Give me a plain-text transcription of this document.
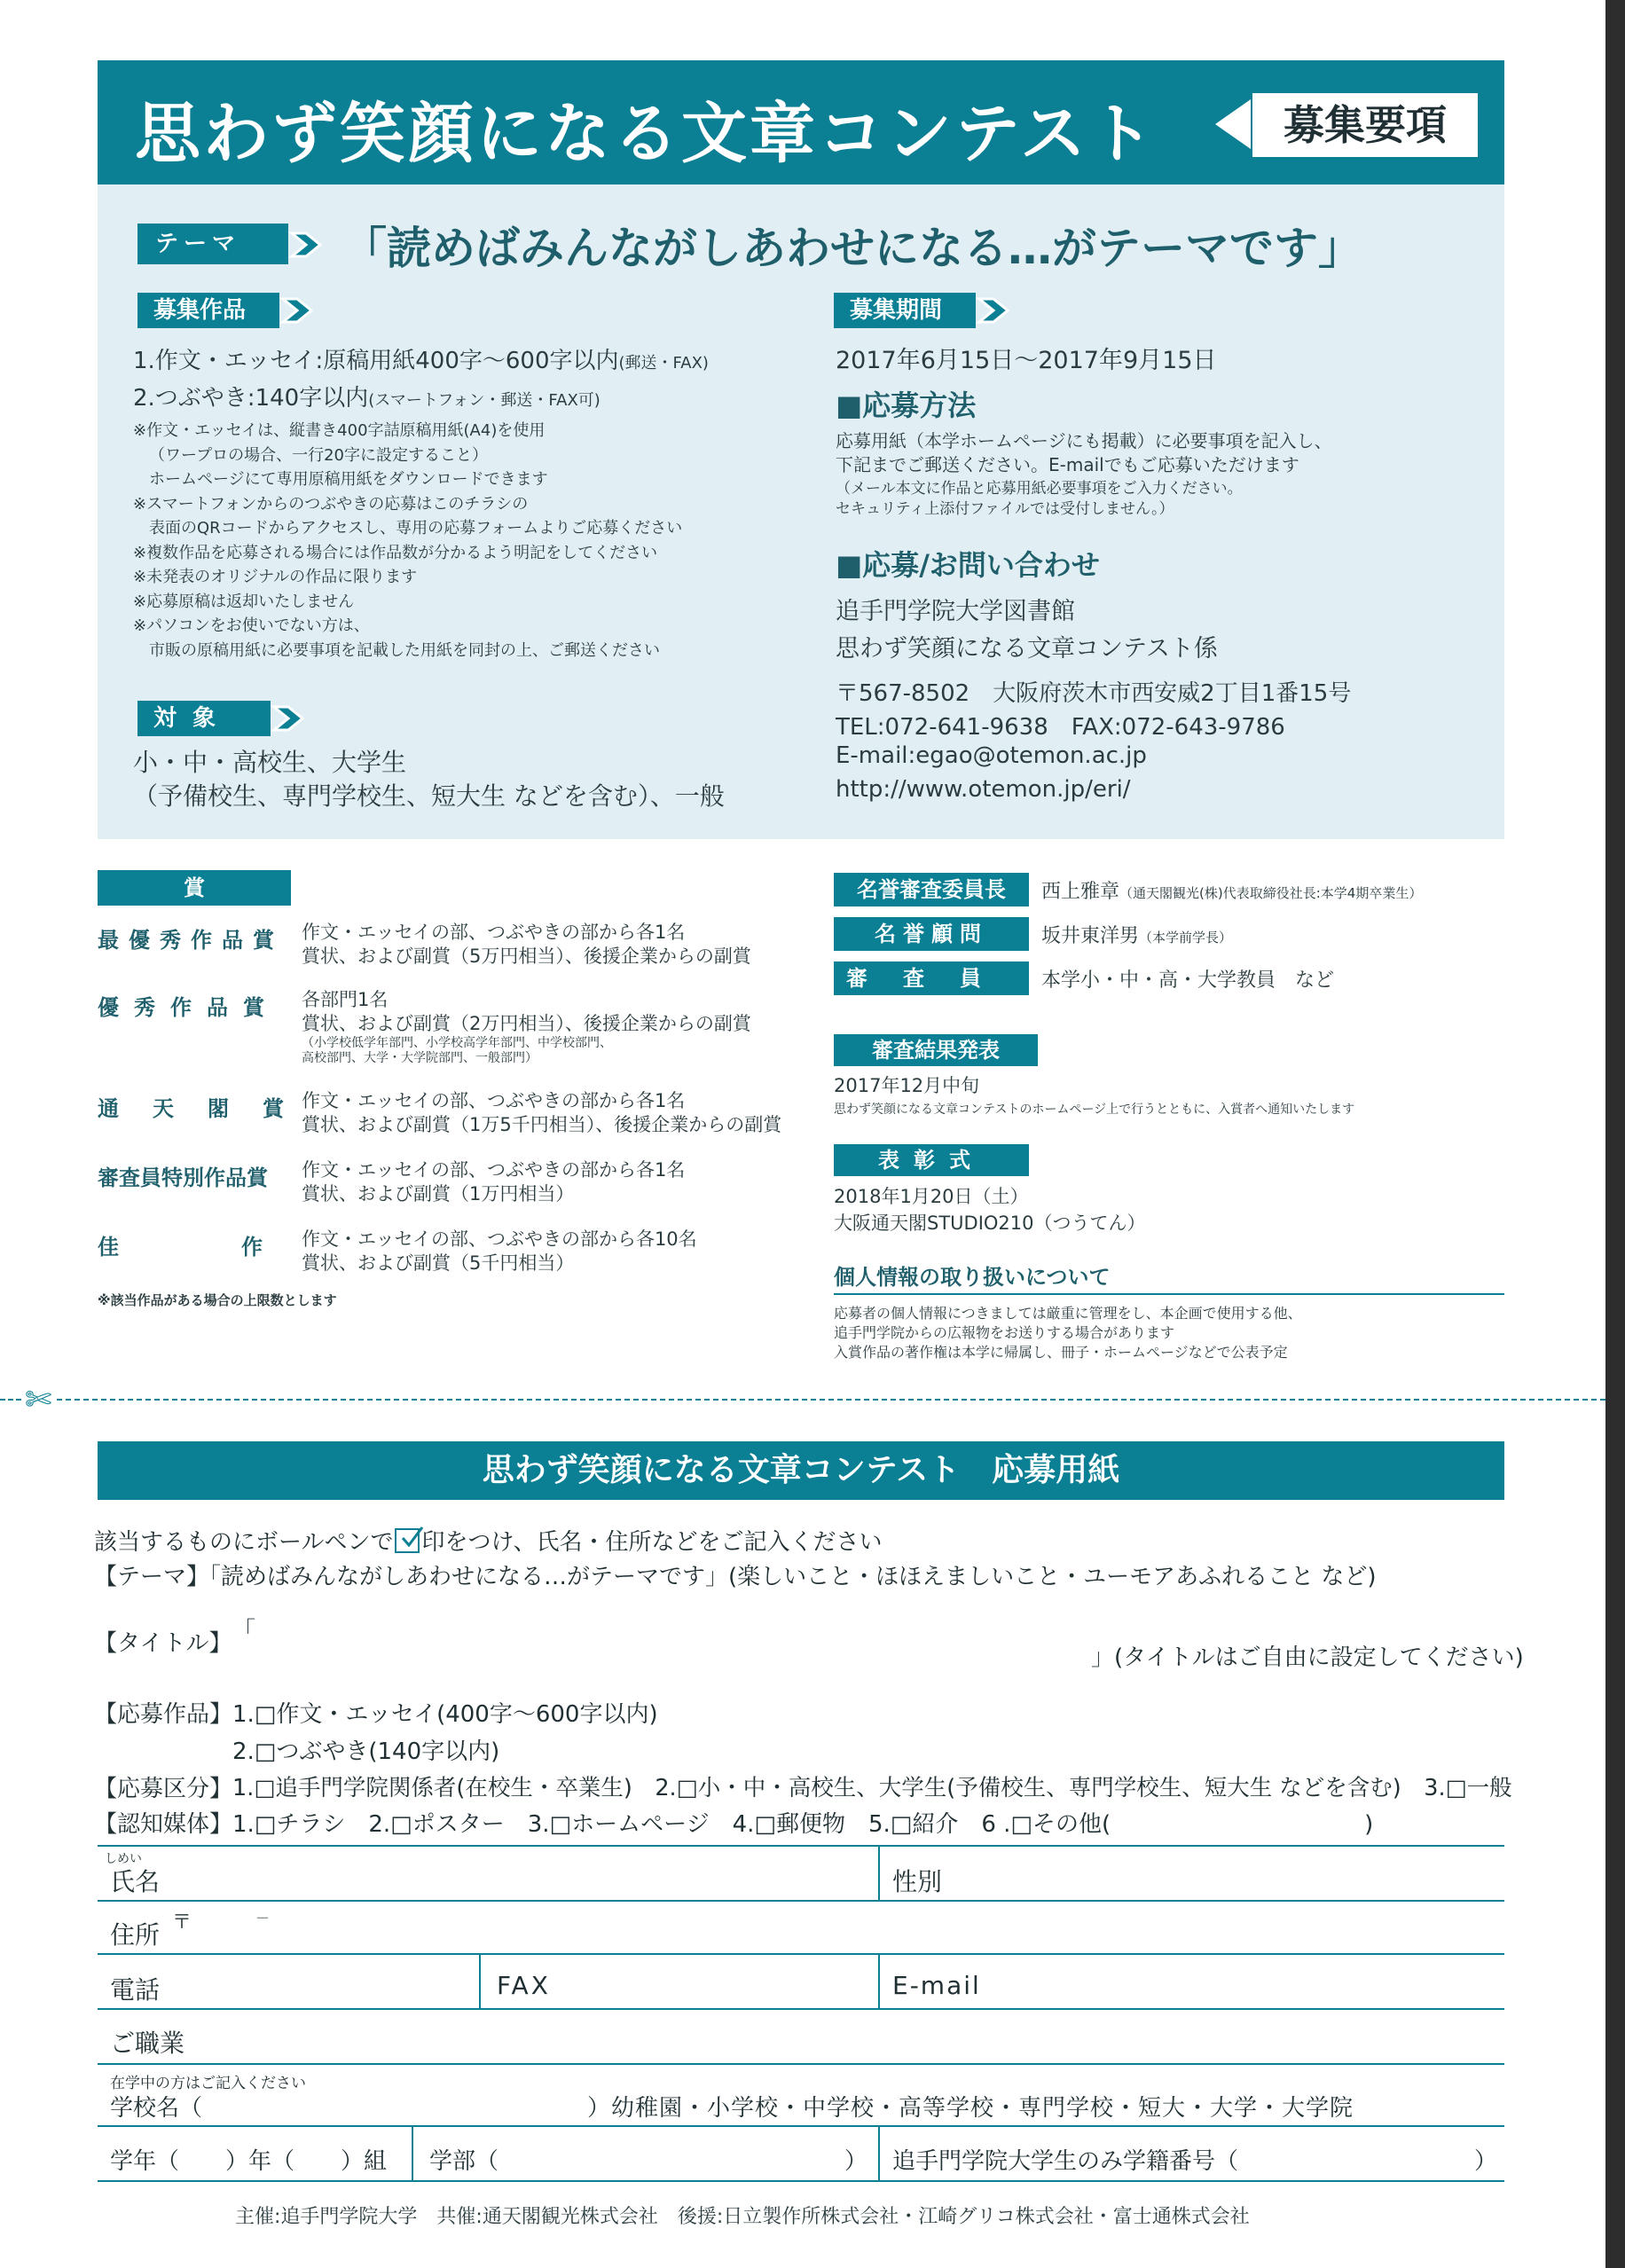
思わず笑顔になる文章コンテスト	募集要項
テーマ	「読めばみんながしあわせになる…がテーマです」
募集作品
1.作文・エッセイ:原稿用紙400字～600字以内(郵送・FAX)
2.つぶやき:140字以内(スマートフォン・郵送・FAX可)
※作文・エッセイは、縦書き400字詰原稿用紙(A4)を使用
（ワープロの場合、一行20字に設定すること）
ホームページにて専用原稿用紙をダウンロードできます
※スマートフォンからのつぶやきの応募はこのチラシの
表面のQRコードからアクセスし、専用の応募フォームよりご応募ください
※複数作品を応募される場合には作品数が分かるよう明記をしてください
※未発表のオリジナルの作品に限ります
※応募原稿は返却いたしません
※パソコンをお使いでない方は、
市販の原稿用紙に必要事項を記載した用紙を同封の上、ご郵送ください
対象
小・中・高校生、大学生
（予備校生、専門学校生、短大生 などを含む）、一般
募集期間
2017年6月15日～2017年9月15日
■応募方法
応募用紙（本学ホームページにも掲載）に必要事項を記入し、
下記までご郵送ください。E-mailでもご応募いただけます
（メール本文に作品と応募用紙必要事項をご入力ください。
セキュリティ上添付ファイルでは受付しません。）
■応募/お問い合わせ
追手門学院大学図書館
思わず笑顔になる文章コンテスト係
〒567-8502　大阪府茨木市西安威2丁目1番15号
TEL:072-641-9638　FAX:072-643-9786
E-mail:egao@otemon.ac.jp
http://www.otemon.jp/eri/
賞
最優秀作品賞 作文・エッセイの部、つぶやきの部から各1名
賞状、および副賞（5万円相当）、後援企業からの副賞
優秀作品賞 各部門1名
賞状、および副賞（2万円相当）、後援企業からの副賞
（小学校低学年部門、小学校高学年部門、中学校部門、
高校部門、大学・大学院部門、一般部門）
通天閣賞
作文・エッセイの部、つぶやきの部から各1名
賞状、および副賞（1万5千円相当）、後援企業からの副賞
審査員特別作品賞 作文・エッセイの部、つぶやきの部から各1名
賞状、および副賞（1万円相当）
佳作
作文・エッセイの部、つぶやきの部から各10名
賞状、および副賞（5千円相当）
※該当作品がある場合の上限数とします
名誉審査委員長	西上雅章（通天閣観光(株)代表取締役社長:本学4期卒業生）
名誉顧問	坂井東洋男（本学前学長）
審査員	本学小・中・高・大学教員　など
審査結果発表
2017年12月中旬
思わず笑顔になる文章コンテストのホームページ上で行うとともに、入賞者へ通知いたします
表彰式
2018年1月20日（土）
大阪通天閣STUDIO210（つうてん）
個人情報の取り扱いについて
応募者の個人情報につきましては厳重に管理をし、本企画で使用する他、
追手門学院からの広報物をお送りする場合があります
入賞作品の著作権は本学に帰属し、冊子・ホームページなどで公表予定
✄
思わず笑顔になる文章コンテスト　応募用紙
該当するものにボールペンで 印をつけ、氏名・住所などをご記入ください
【テーマ】「読めばみんながしあわせになる…がテーマです」(楽しいこと・ほほえましいこと・ユーモアあふれること など)
【タイトル】 「
」(タイトルはご自由に設定してください)
【応募作品】 1.□作文・エッセイ(400字～600字以内)
2.□つぶやき(140字以内)
【応募区分】 1.□追手門学院関係者(在校生・卒業生)　2.□小・中・高校生、大学生(予備校生、専門学校生、短大生 などを含む)　3.□一般
【認知媒体】 1.□チラシ　2.□ポスター　3.□ホームページ　4.□郵便物　5.□紹介　6 .□その他(　　　　　　　　　　　)
しめい
氏名	性別
住所 〒	－
電話	FAX	E-mail
ご職業
在学中の方はご記入ください
学校名（	）幼稚園・小学校・中学校・高等学校・専門学校・短大・大学・大学院
学年（　　）年（　　）組 学部（	） 追手門学院大学生のみ学籍番号（	）
主催:追手門学院大学　共催:通天閣観光株式会社　後援:日立製作所株式会社・江崎グリコ株式会社・富士通株式会社
